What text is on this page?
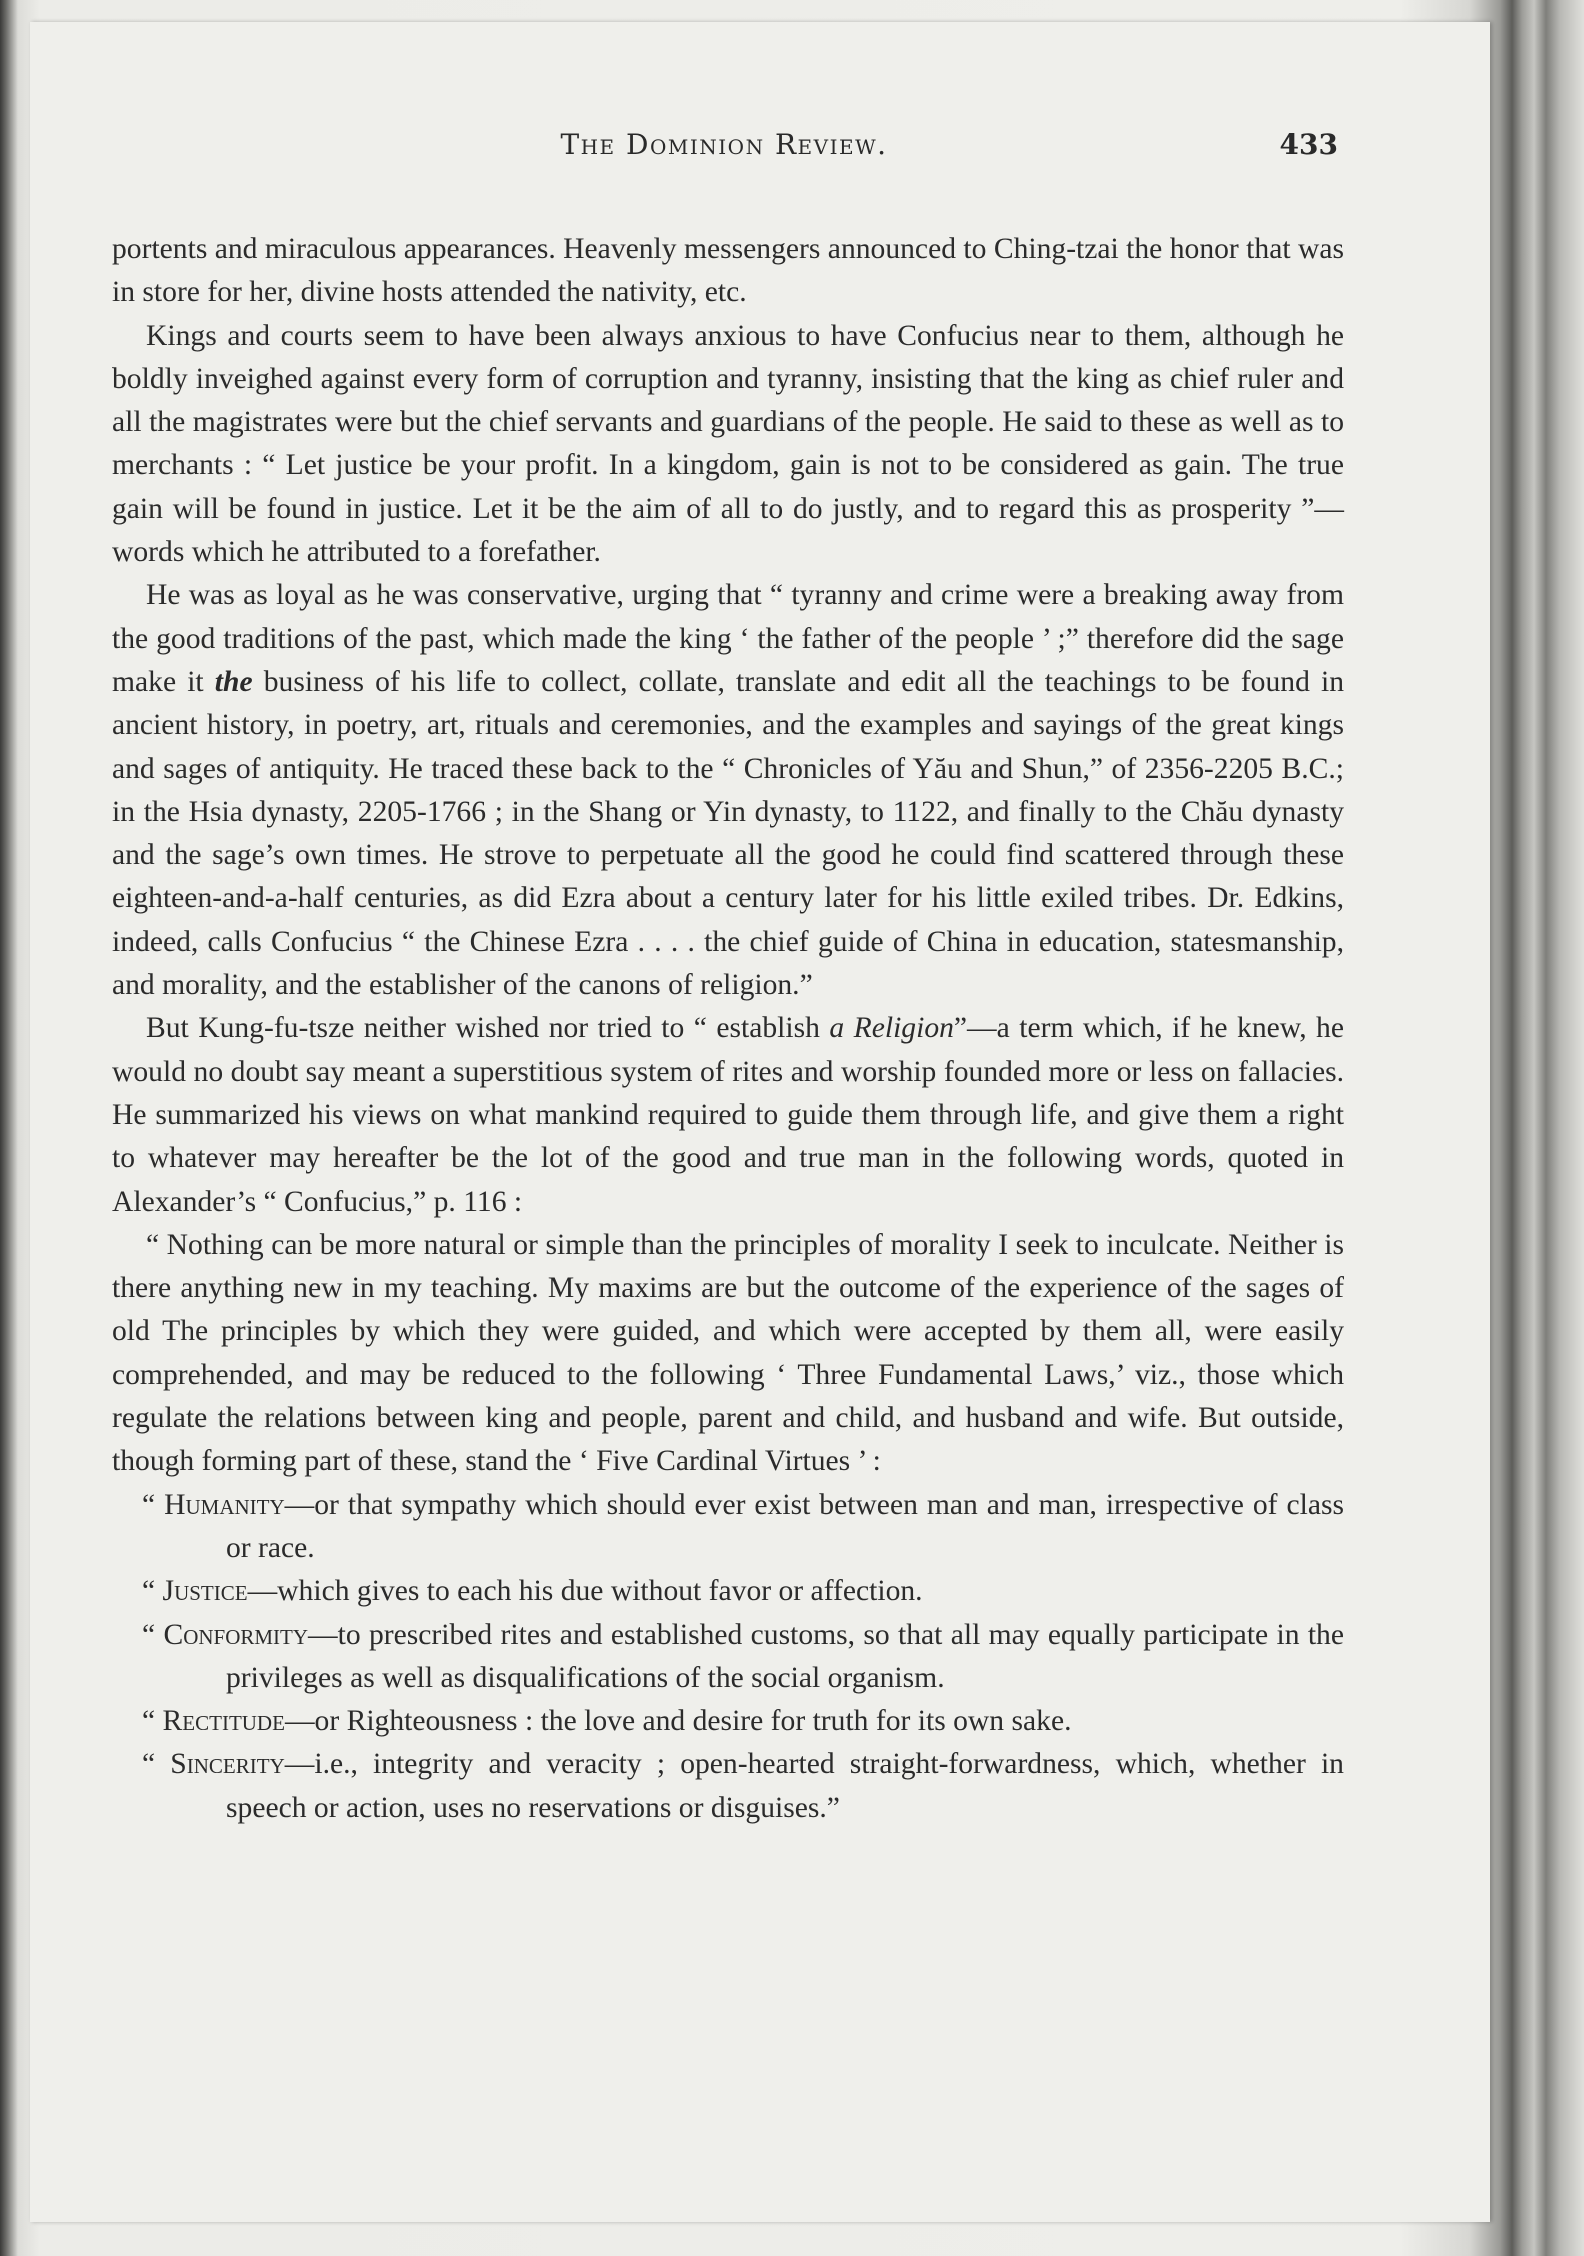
The Dominion Review.	433

portents and miraculous appearances. Heavenly messengers announced to Ching-tzai the honor that was in store for her, divine hosts attended the nativity, etc.

Kings and courts seem to have been always anxious to have Confucius near to them, although he boldly inveighed against every form of corruption and tyranny, insisting that the king as chief ruler and all the magistrates were but the chief servants and guardians of the people. He said to these as well as to merchants : “ Let justice be your profit. In a kingdom, gain is not to be considered as gain. The true gain will be found in justice. Let it be the aim of all to do justly, and to regard this as prosperity ”—words which he attributed to a forefather.

He was as loyal as he was conservative, urging that “ tyranny and crime were a breaking away from the good traditions of the past, which made the king ‘ the father of the people ’ ;” therefore did the sage make it the business of his life to collect, collate, translate and edit all the teachings to be found in ancient history, in poetry, art, rituals and ceremonies, and the examples and sayings of the great kings and sages of antiquity. He traced these back to the “ Chronicles of Yău and Shun,” of 2356-2205 B.C.; in the Hsia dynasty, 2205-1766 ; in the Shang or Yin dynasty, to 1122, and finally to the Chău dynasty and the sage’s own times. He strove to perpetuate all the good he could find scattered through these eighteen-and-a-half centuries, as did Ezra about a century later for his little exiled tribes. Dr. Edkins, indeed, calls Confucius “ the Chinese Ezra . . . . the chief guide of China in education, statesmanship, and morality, and the establisher of the canons of religion.”

But Kung-fu-tsze neither wished nor tried to “ establish a Religion”—a term which, if he knew, he would no doubt say meant a superstitious system of rites and worship founded more or less on fallacies. He summarized his views on what mankind required to guide them through life, and give them a right to whatever may hereafter be the lot of the good and true man in the following words, quoted in Alexander’s “ Confucius,” p. 116 :

“ Nothing can be more natural or simple than the principles of morality I seek to inculcate. Neither is there anything new in my teaching. My maxims are but the outcome of the experience of the sages of old The principles by which they were guided, and which were accepted by them all, were easily comprehended, and may be reduced to the following ‘ Three Fundamental Laws,’ viz., those which regulate the relations between king and people, parent and child, and husband and wife. But outside, though forming part of these, stand the ‘ Five Cardinal Virtues ’ :

“ Humanity—or that sympathy which should ever exist between man and man, irrespective of class or race.
“ Justice—which gives to each his due without favor or affection.
“ Conformity—to prescribed rites and established customs, so that all may equally participate in the privileges as well as disqualifications of the social organism.
“ Rectitude—or Righteousness : the love and desire for truth for its own sake.
“ Sincerity—i.e., integrity and veracity ; open-hearted straight-forwardness, which, whether in speech or action, uses no reservations or disguises.”
